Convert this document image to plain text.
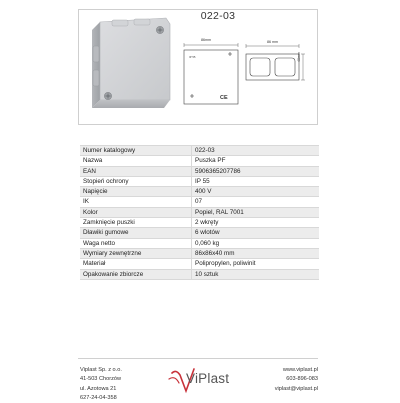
022-03
86mm
IP 55
CE
86 mm
40mm
Numer katalogowy	022-03
Nazwa	Puszka PF
EAN	5906365207786
Stopień ochrony	IP 55
Napięcie	400 V
IK	07
Kolor	Popiel, RAL 7001
Zamknięcie puszki	2 wkręty
Dławiki gumowe	6 wlotów
Waga netto	0,060 kg
Wymiary zewnętrzne	86x86x40 mm
Materiał	Polipropylen, poliwinit
Opakowanie zbiorcze	10 sztuk
Viplast Sp. z o.o.
41-503 Chorzów
ul. Azotowa 21
627-24-04-358
ViPlast
www.viplast.pl
603-896-083
viplast@viplast.pl
